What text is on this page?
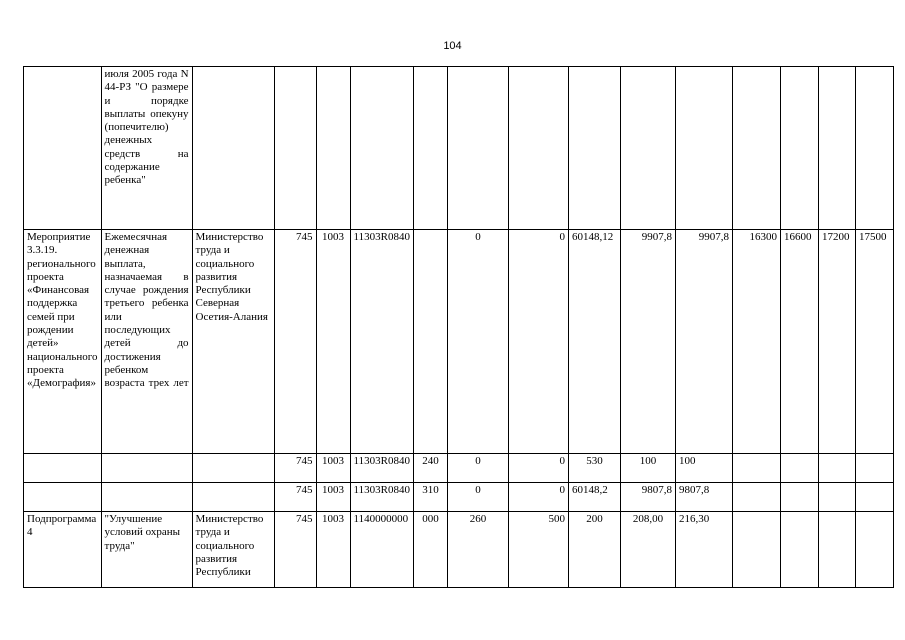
104
	июля 2005 года N 44-РЗ "О размере и порядке выплаты опекуну (попечителю) денежных средств на содержание ребенка"														
Мероприятие 3.3.19. регионального проекта «Финансовая поддержка семей при рождении детей» национального проекта «Демография»	Ежемесячная денежная выплата, назначаемая в случае рождения третьего ребенка или последующих детей до достижения ребенком возраста трех лет	Министерство труда и социального развития Республики Северная Осетия-Алания	745	1003	11303R0840		0	0	60148,12	9907,8	9907,8	16300	16600	17200	17500
			745	1003	11303R0840	240	0	0	530	100	100				
			745	1003	11303R0840	310	0	0	60148,2	9807,8	9807,8				
Подпрограмма 4	"Улучшение условий охраны труда"	Министерство труда и социального развития Республики	745	1003	1140000000	000	260	500	200	208,00	216,30				
